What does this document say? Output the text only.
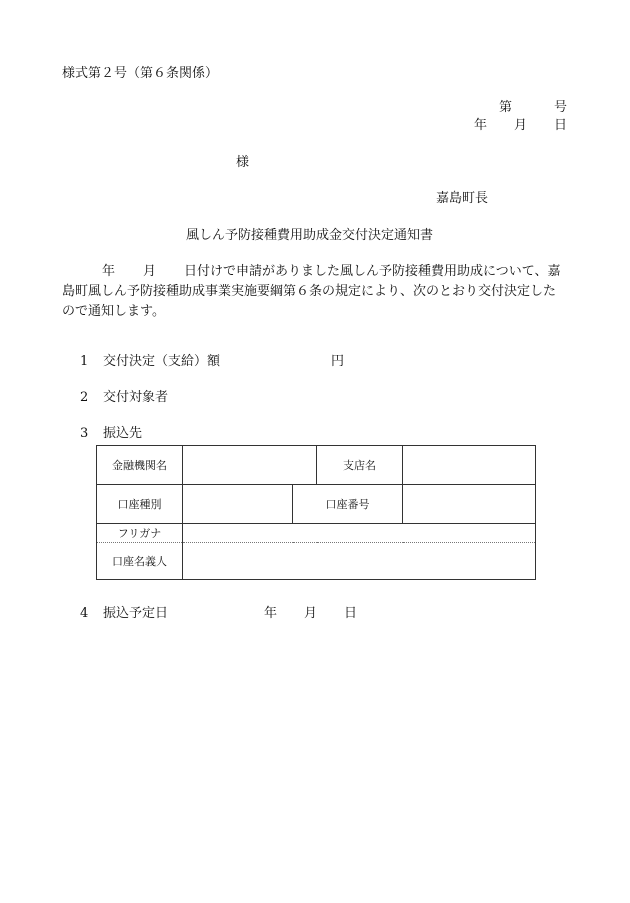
様式第２号（第６条関係）
第	号
年 月 日
様
嘉島町長
風しん予防接種費用助成金交付決定通知書
年 月 日付けで申請がありました風しん予防接種費用助成について、嘉島町風しん予防接種助成事業実施要綱第６条の規定により、次のとおり交付決定したので通知します。
1 交付決定（支給）額	円
2 交付対象者
3 振込先
4 振込予定日	年 月 日
金融機関名			支店名	
口座種別		口座番号		
フリガナ				
口座名義人				
